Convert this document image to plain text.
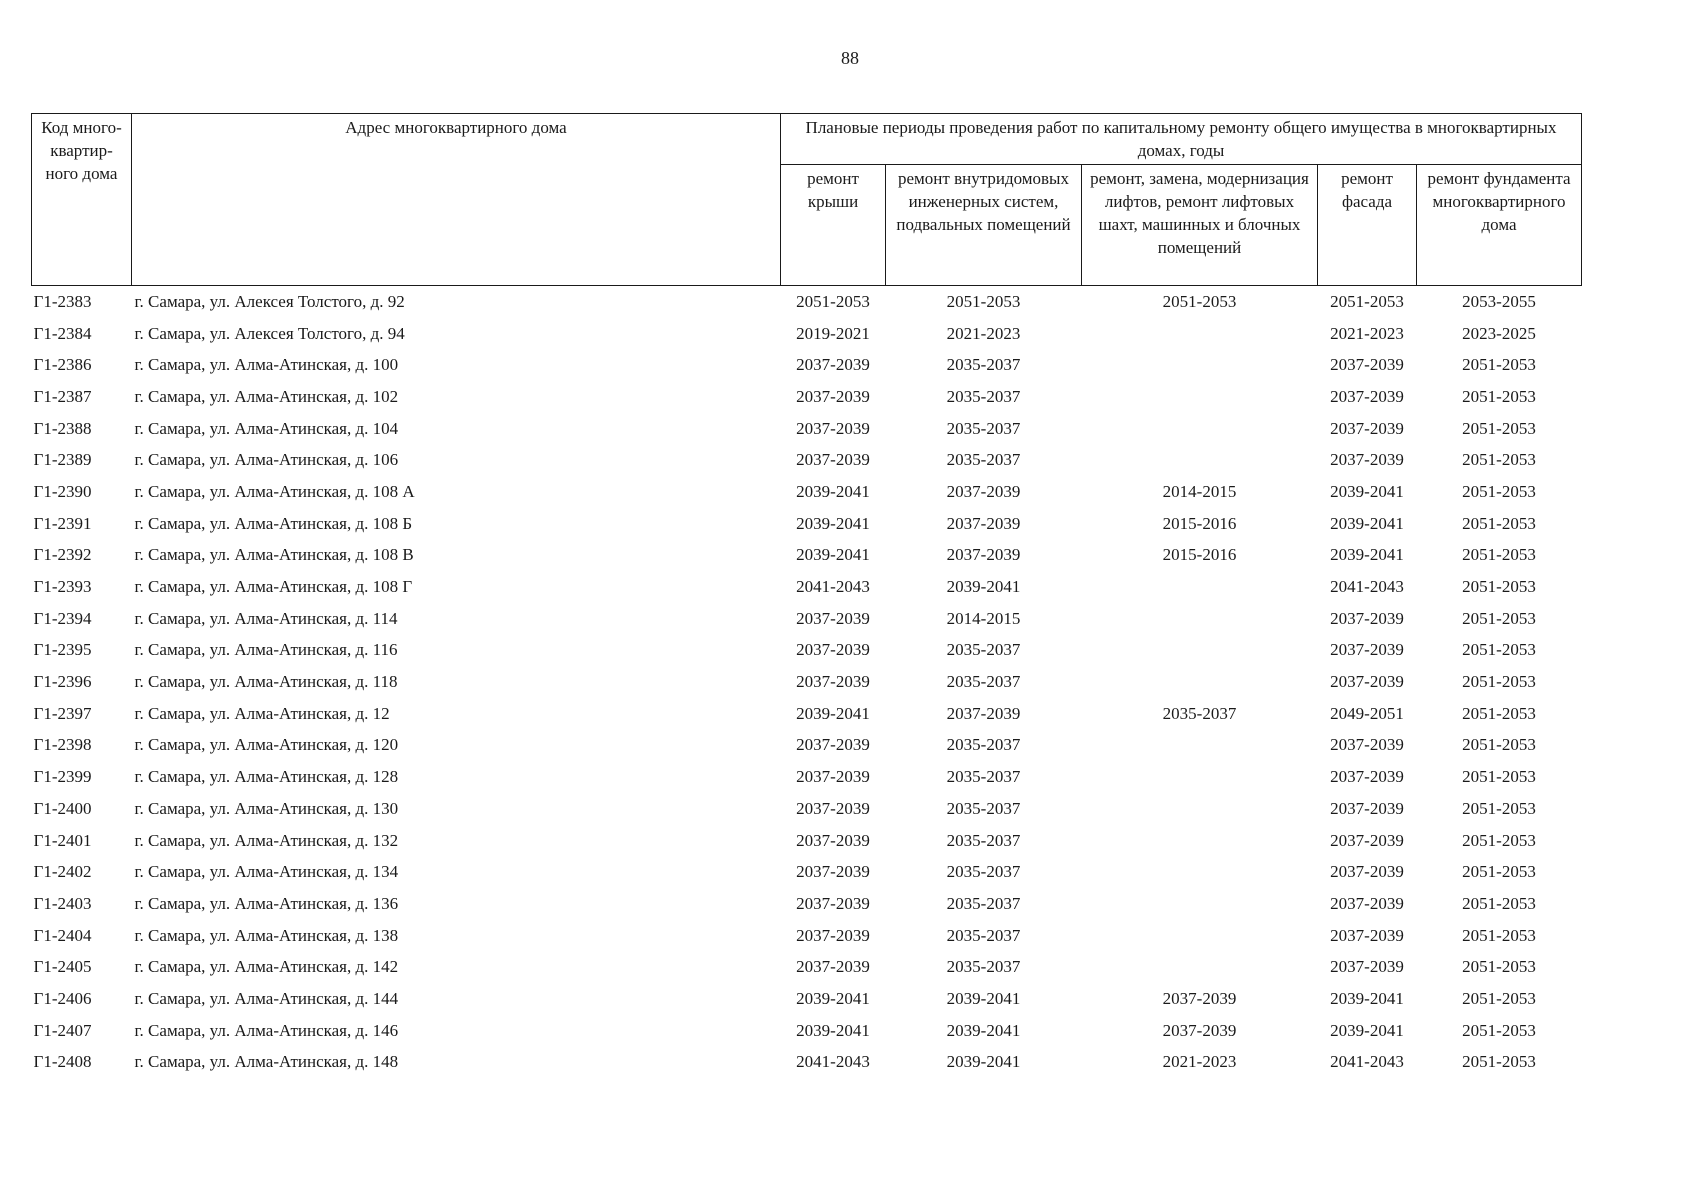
88
Код много-квартир-ного дома	Адрес многоквартирного дома	Плановые периоды проведения работ по капитальному ремонту общего имущества в многоквартирных домах, годы				
		ремонт крыши	ремонт внутридомовых инженерных систем, подвальных помещений	ремонт, замена, модернизация лифтов, ремонт лифтовых шахт, машинных и блочных помещений	ремонт фасада	ремонт фундамента многоквартирного дома
Г1-2383	г. Самара, ул. Алексея Толстого, д. 92	2051-2053	2051-2053	2051-2053	2051-2053	2053-2055
Г1-2384	г. Самара, ул. Алексея Толстого, д. 94	2019-2021	2021-2023		2021-2023	2023-2025
Г1-2386	г. Самара, ул. Алма-Атинская, д. 100	2037-2039	2035-2037		2037-2039	2051-2053
Г1-2387	г. Самара, ул. Алма-Атинская, д. 102	2037-2039	2035-2037		2037-2039	2051-2053
Г1-2388	г. Самара, ул. Алма-Атинская, д. 104	2037-2039	2035-2037		2037-2039	2051-2053
Г1-2389	г. Самара, ул. Алма-Атинская, д. 106	2037-2039	2035-2037		2037-2039	2051-2053
Г1-2390	г. Самара, ул. Алма-Атинская, д. 108 А	2039-2041	2037-2039	2014-2015	2039-2041	2051-2053
Г1-2391	г. Самара, ул. Алма-Атинская, д. 108 Б	2039-2041	2037-2039	2015-2016	2039-2041	2051-2053
Г1-2392	г. Самара, ул. Алма-Атинская, д. 108 В	2039-2041	2037-2039	2015-2016	2039-2041	2051-2053
Г1-2393	г. Самара, ул. Алма-Атинская, д. 108 Г	2041-2043	2039-2041		2041-2043	2051-2053
Г1-2394	г. Самара, ул. Алма-Атинская, д. 114	2037-2039	2014-2015		2037-2039	2051-2053
Г1-2395	г. Самара, ул. Алма-Атинская, д. 116	2037-2039	2035-2037		2037-2039	2051-2053
Г1-2396	г. Самара, ул. Алма-Атинская, д. 118	2037-2039	2035-2037		2037-2039	2051-2053
Г1-2397	г. Самара, ул. Алма-Атинская, д. 12	2039-2041	2037-2039	2035-2037	2049-2051	2051-2053
Г1-2398	г. Самара, ул. Алма-Атинская, д. 120	2037-2039	2035-2037		2037-2039	2051-2053
Г1-2399	г. Самара, ул. Алма-Атинская, д. 128	2037-2039	2035-2037		2037-2039	2051-2053
Г1-2400	г. Самара, ул. Алма-Атинская, д. 130	2037-2039	2035-2037		2037-2039	2051-2053
Г1-2401	г. Самара, ул. Алма-Атинская, д. 132	2037-2039	2035-2037		2037-2039	2051-2053
Г1-2402	г. Самара, ул. Алма-Атинская, д. 134	2037-2039	2035-2037		2037-2039	2051-2053
Г1-2403	г. Самара, ул. Алма-Атинская, д. 136	2037-2039	2035-2037		2037-2039	2051-2053
Г1-2404	г. Самара, ул. Алма-Атинская, д. 138	2037-2039	2035-2037		2037-2039	2051-2053
Г1-2405	г. Самара, ул. Алма-Атинская, д. 142	2037-2039	2035-2037		2037-2039	2051-2053
Г1-2406	г. Самара, ул. Алма-Атинская, д. 144	2039-2041	2039-2041	2037-2039	2039-2041	2051-2053
Г1-2407	г. Самара, ул. Алма-Атинская, д. 146	2039-2041	2039-2041	2037-2039	2039-2041	2051-2053
Г1-2408	г. Самара, ул. Алма-Атинская, д. 148	2041-2043	2039-2041	2021-2023	2041-2043	2051-2053
